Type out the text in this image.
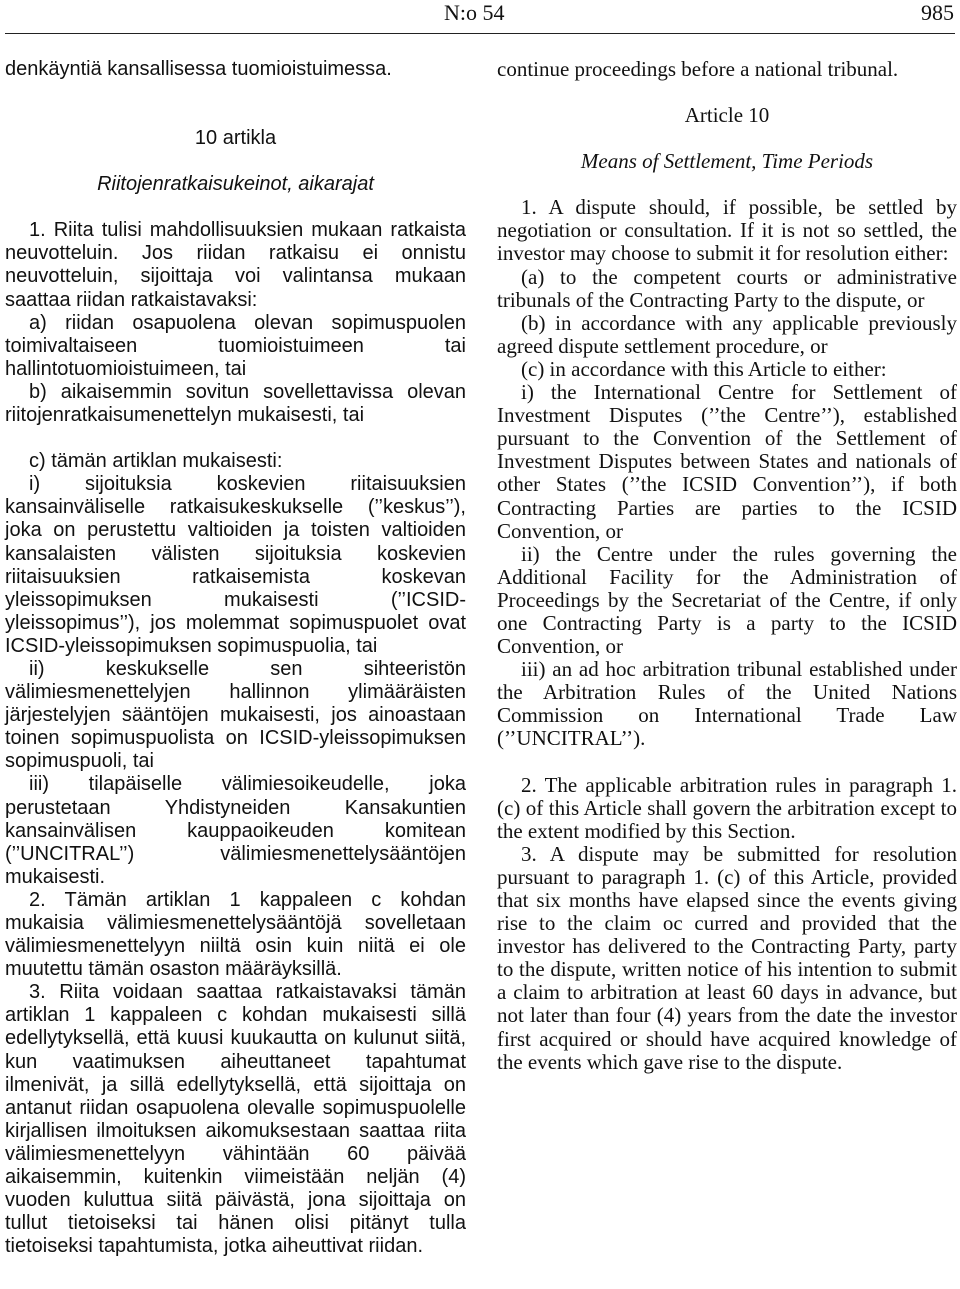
N:o 54	985

denkäyntiä kansallisessa tuomioistuimessa.

10 artikla

Riitojenratkaisukeinot, aikarajat

1. Riita tulisi mahdollisuuksien mukaan ratkaista neuvotteluin. Jos riidan ratkaisu ei onnistu neuvotteluin, sijoittaja voi valintansa mukaan saattaa riidan ratkaistavaksi:

a) riidan osapuolena olevan sopimuspuolen toimivaltaiseen tuomioistuimeen tai hallintotuomioistuimeen, tai

b) aikaisemmin sovitun sovellettavissa olevan riitojenratkaisumenettelyn mukaisesti, tai

c) tämän artiklan mukaisesti:

i) sijoituksia koskevien riitaisuuksien kansainväliselle ratkaisukeskukselle (’’keskus’’), joka on perustettu valtioiden ja toisten valtioiden kansalaisten välisten sijoituksia koskevien riitaisuuksien ratkaisemista koskevan yleissopimuksen mukaisesti (’’ICSID-yleissopimus’’), jos molemmat sopimuspuolet ovat ICSID-yleissopimuksen sopimuspuolia, tai

ii) keskukselle sen sihteeristön välimiesmenettelyjen hallinnon ylimääräisten järjestelyjen sääntöjen mukaisesti, jos ainoastaan toinen sopimuspuolista on ICSID-yleissopimuksen sopimuspuoli, tai

iii) tilapäiselle välimiesoikeudelle, joka perustetaan Yhdistyneiden Kansakuntien kansainvälisen kauppaoikeuden komitean (’’UNCITRAL’’) välimiesmenettelysääntöjen mukaisesti.

2. Tämän artiklan 1 kappaleen c kohdan mukaisia välimiesmenettelysääntöjä sovelletaan välimiesmenettelyyn niiltä osin kuin niitä ei ole muutettu tämän osaston määräyksillä.

3. Riita voidaan saattaa ratkaistavaksi tämän artiklan 1 kappaleen c kohdan mukaisesti sillä edellytyksellä, että kuusi kuukautta on kulunut siitä, kun vaatimuksen aiheuttaneet tapahtumat ilmenivät, ja sillä edellytyksellä, että sijoittaja on antanut riidan osapuolena olevalle sopimuspuolelle kirjallisen ilmoituksen aikomuksestaan saattaa riita välimiesmenettelyyn vähintään 60 päivää aikaisemmin, kuitenkin viimeistään neljän (4) vuoden kuluttua siitä päivästä, jona sijoittaja on tullut tietoiseksi tai hänen olisi pitänyt tulla tietoiseksi tapahtumista, jotka aiheuttivat riidan.

continue proceedings before a national tribunal.

Article 10

Means of Settlement, Time Periods

1. A dispute should, if possible, be settled by negotiation or consultation. If it is not so settled, the investor may choose to submit it for resolution either:

(a) to the competent courts or administrative tribunals of the Contracting Party to the dispute, or

(b) in accordance with any applicable previously agreed dispute settlement procedure, or

(c) in accordance with this Article to either:

i) the International Centre for Settlement of Investment Disputes (’’the Centre’’), established pursuant to the Convention of the Settlement of Investment Disputes between States and nationals of other States (’’the ICSID Convention’’), if both Contracting Parties are parties to the ICSID Convention, or

ii) the Centre under the rules governing the Additional Facility for the Administration of Proceedings by the Secretariat of the Centre, if only one Contracting Party is a party to the ICSID Convention, or

iii) an ad hoc arbitration tribunal established under the Arbitration Rules of the United Nations Commission on International Trade Law (’’UNCITRAL’’).

2. The applicable arbitration rules in paragraph 1. (c) of this Article shall govern the arbitration except to the extent modified by this Section.

3. A dispute may be submitted for resolution pursuant to paragraph 1. (c) of this Article, provided that six months have elapsed since the events giving rise to the claim oc curred and provided that the investor has delivered to the Contracting Party, party to the dispute, written notice of his intention to submit a claim to arbitration at least 60 days in advance, but not later than four (4) years from the date the investor first acquired or should have acquired knowledge of the events which gave rise to the dispute.
